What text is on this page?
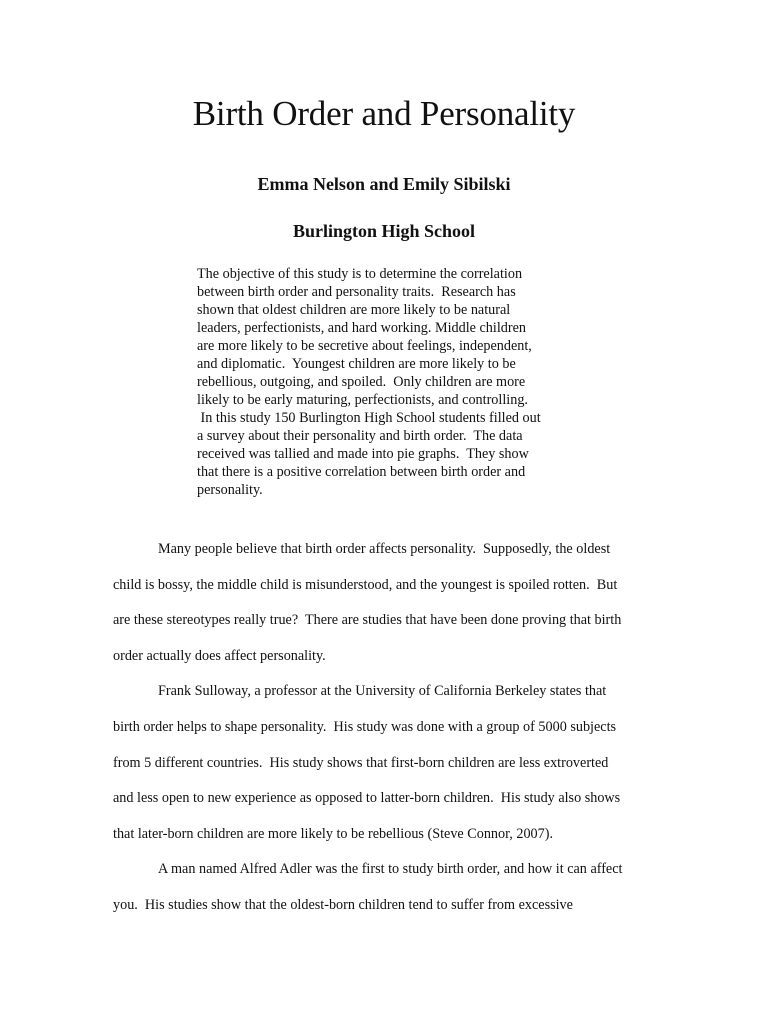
Birth Order and Personality
Emma Nelson and Emily Sibilski
Burlington High School
The objective of this study is to determine the correlation
between birth order and personality traits.  Research has
shown that oldest children are more likely to be natural
leaders, perfectionists, and hard working. Middle children
are more likely to be secretive about feelings, independent,
and diplomatic.  Youngest children are more likely to be
rebellious, outgoing, and spoiled.  Only children are more
likely to be early maturing, perfectionists, and controlling.
In this study 150 Burlington High School students filled out
a survey about their personality and birth order.  The data
received was tallied and made into pie graphs.  They show
that there is a positive correlation between birth order and
personality.
Many people believe that birth order affects personality.  Supposedly, the oldest
child is bossy, the middle child is misunderstood, and the youngest is spoiled rotten.  But
are these stereotypes really true?  There are studies that have been done proving that birth
order actually does affect personality.
Frank Sulloway, a professor at the University of California Berkeley states that
birth order helps to shape personality.  His study was done with a group of 5000 subjects
from 5 different countries.  His study shows that first-born children are less extroverted
and less open to new experience as opposed to latter-born children.  His study also shows
that later-born children are more likely to be rebellious (Steve Connor, 2007).
A man named Alfred Adler was the first to study birth order, and how it can affect
you.  His studies show that the oldest-born children tend to suffer from excessive
